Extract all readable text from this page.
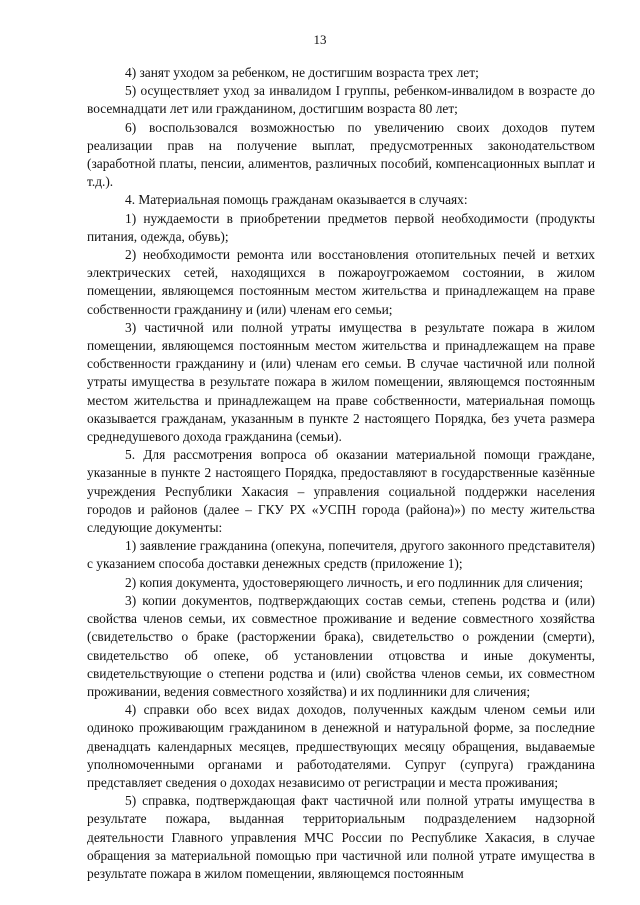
13

4) занят уходом за ребенком, не достигшим возраста трех лет;

5) осуществляет уход за инвалидом I группы, ребенком-инвалидом в возрасте до восемнадцати лет или гражданином, достигшим возраста 80 лет;

6) воспользовался возможностью по увеличению своих доходов путем реализации прав на получение выплат, предусмотренных законодательством (заработной платы, пенсии, алиментов, различных пособий, компенсационных выплат и т.д.).

4. Материальная помощь гражданам оказывается в случаях:

1) нуждаемости в приобретении предметов первой необходимости (продукты питания, одежда, обувь);

2) необходимости ремонта или восстановления отопительных печей и ветхих электрических сетей, находящихся в пожароугрожаемом состоянии, в жилом помещении, являющемся постоянным местом жительства и принадлежащем на праве собственности гражданину и (или) членам его семьи;

3) частичной или полной утраты имущества в результате пожара в жилом помещении, являющемся постоянным местом жительства и принадлежащем на праве собственности гражданину и (или) членам его семьи. В случае частичной или полной утраты имущества в результате пожара в жилом помещении, являющемся постоянным местом жительства и принадлежащем на праве собственности, материальная помощь оказывается гражданам, указанным в пункте 2 настоящего Порядка, без учета размера среднедушевого дохода гражданина (семьи).

5. Для рассмотрения вопроса об оказании материальной помощи граждане, указанные в пункте 2 настоящего Порядка, предоставляют в государственные казённые учреждения Республики Хакасия – управления социальной поддержки населения городов и районов (далее – ГКУ РХ «УСПН города (района)») по месту жительства следующие документы:

1) заявление гражданина (опекуна, попечителя, другого законного представителя) с указанием способа доставки денежных средств (приложение 1);

2) копия документа, удостоверяющего личность, и его подлинник для сличения;

3) копии документов, подтверждающих состав семьи, степень родства и (или) свойства членов семьи, их совместное проживание и ведение совместного хозяйства (свидетельство о браке (расторжении брака), свидетельство о рождении (смерти), свидетельство об опеке, об установлении отцовства и иные документы, свидетельствующие о степени родства и (или) свойства членов семьи, их совместном проживании, ведения совместного хозяйства) и их подлинники для сличения;

4) справки обо всех видах доходов, полученных каждым членом семьи или одиноко проживающим гражданином в денежной и натуральной форме, за последние двенадцать календарных месяцев, предшествующих месяцу обращения, выдаваемые уполномоченными органами и работодателями. Супруг (супруга) гражданина представляет сведения о доходах независимо от регистрации и места проживания;

5) справка, подтверждающая факт частичной или полной утраты имущества в результате пожара, выданная территориальным подразделением надзорной деятельности Главного управления МЧС России по Республике Хакасия, в случае обращения за материальной помощью при частичной или полной утрате имущества в результате пожара в жилом помещении, являющемся постоянным
